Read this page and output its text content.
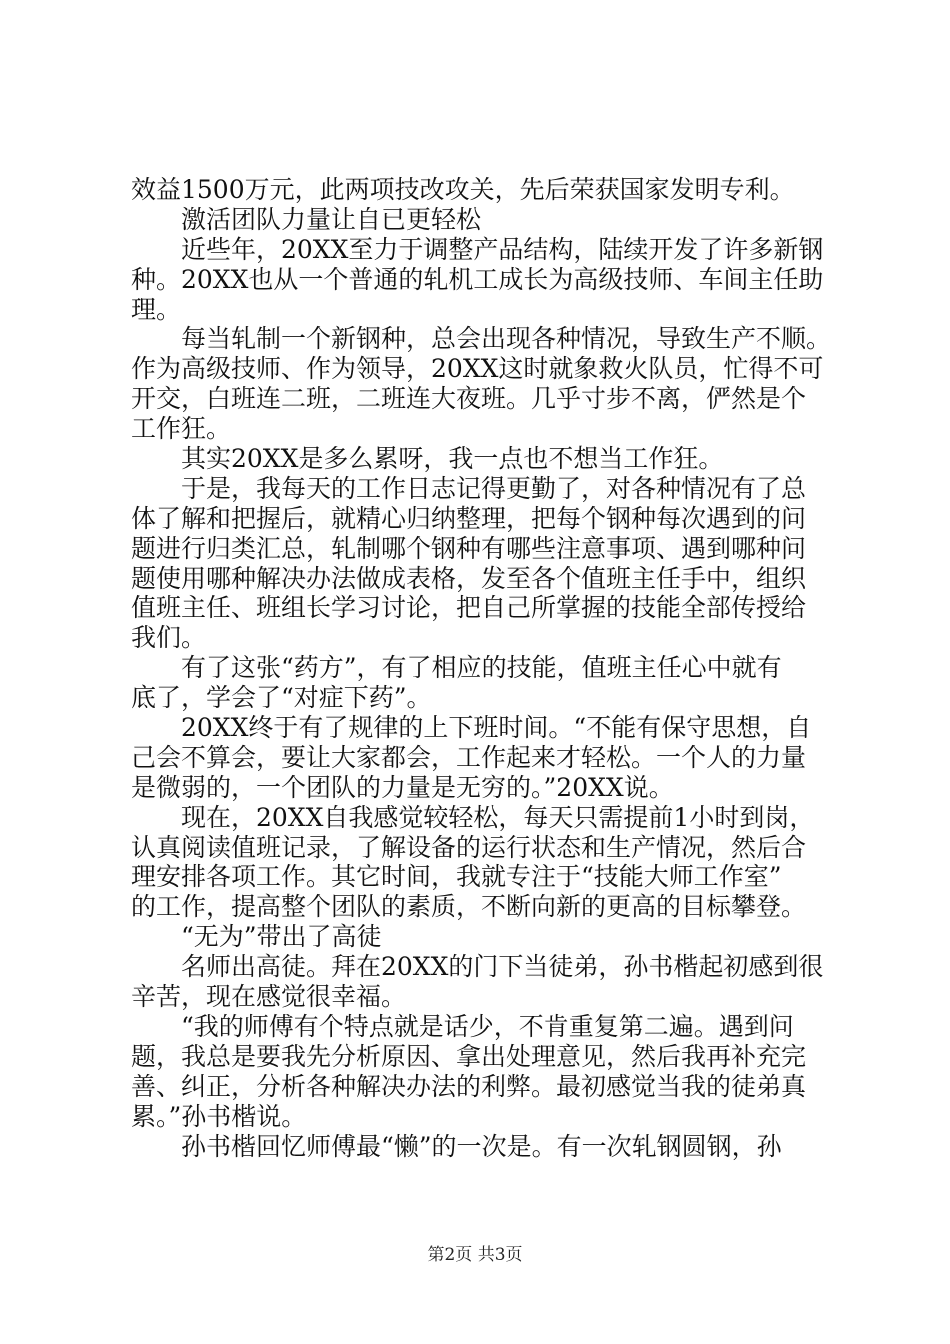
效益1500万元，此两项技改攻关，先后荣获国家发明专利。
激活团队力量让自已更轻松
近些年，20XX至力于调整产品结构，陆续开发了许多新钢
种。20XX也从一个普通的轧机工成长为高级技师、车间主任助
理。
每当轧制一个新钢种，总会出现各种情况，导致生产不顺。
作为高级技师、作为领导，20XX这时就象救火队员，忙得不可
开交，白班连二班，二班连大夜班。几乎寸步不离，俨然是个
工作狂。
其实20XX是多么累呀，我一点也不想当工作狂。
于是，我每天的工作日志记得更勤了，对各种情况有了总
体了解和把握后，就精心归纳整理，把每个钢种每次遇到的问
题进行归类汇总，轧制哪个钢种有哪些注意事项、遇到哪种问
题使用哪种解决办法做成表格，发至各个值班主任手中，组织
值班主任、班组长学习讨论，把自己所掌握的技能全部传授给
我们。
有了这张“药方”，有了相应的技能，值班主任心中就有
底了，学会了“对症下药”。
20XX终于有了规律的上下班时间。“不能有保守思想，自
己会不算会，要让大家都会，工作起来才轻松。一个人的力量
是微弱的，一个团队的力量是无穷的。”20XX说。
现在，20XX自我感觉较轻松，每天只需提前1小时到岗，
认真阅读值班记录，了解设备的运行状态和生产情况，然后合
理安排各项工作。其它时间，我就专注于“技能大师工作室”
的工作，提高整个团队的素质，不断向新的更高的目标攀登。
“无为”带出了高徒
名师出高徒。拜在20XX的门下当徒弟，孙书楷起初感到很
辛苦，现在感觉很幸福。
“我的师傅有个特点就是话少，不肯重复第二遍。遇到问
题，我总是要我先分析原因、拿出处理意见，然后我再补充完
善、纠正，分析各种解决办法的利弊。最初感觉当我的徒弟真
累。”孙书楷说。
孙书楷回忆师傅最“懒”的一次是。有一次轧钢圆钢，孙
第2页 共3页
